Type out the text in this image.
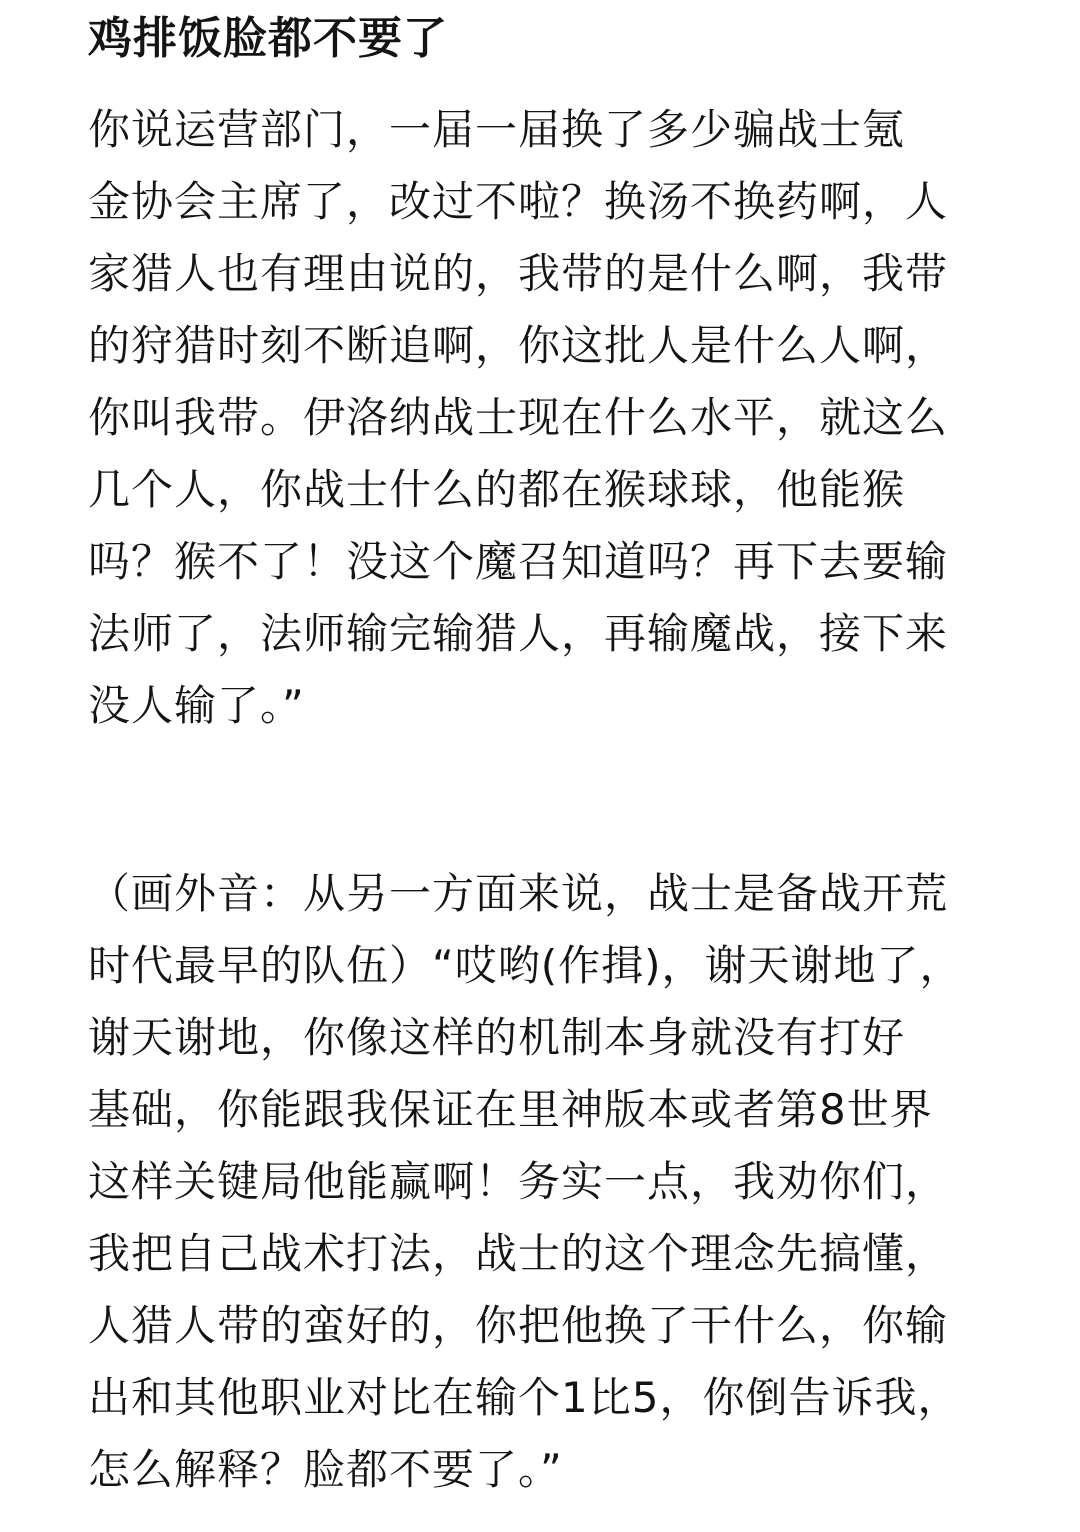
鸡排饭脸都不要了
你说运营部门，一届一届换了多少骗战士氪
金协会主席了，改过不啦？换汤不换药啊，人
家猎人也有理由说的，我带的是什么啊，我带
的狩猎时刻不断追啊，你这批人是什么人啊，
你叫我带。伊洛纳战士现在什么水平，就这么
几个人，你战士什么的都在猴球球，他能猴
吗？猴不了！没这个魔召知道吗？再下去要输
法师了，法师输完输猎人，再输魔战，接下来
没人输了。”
（画外音：从另一方面来说，战士是备战开荒
时代最早的队伍）“哎哟(作揖)，谢天谢地了，
谢天谢地，你像这样的机制本身就没有打好
基础，你能跟我保证在里神版本或者第8世界
这样关键局他能赢啊！务实一点，我劝你们，
我把自己战术打法，战士的这个理念先搞懂，
人猎人带的蛮好的，你把他换了干什么，你输
出和其他职业对比在输个1比5，你倒告诉我，
怎么解释？脸都不要了。”
